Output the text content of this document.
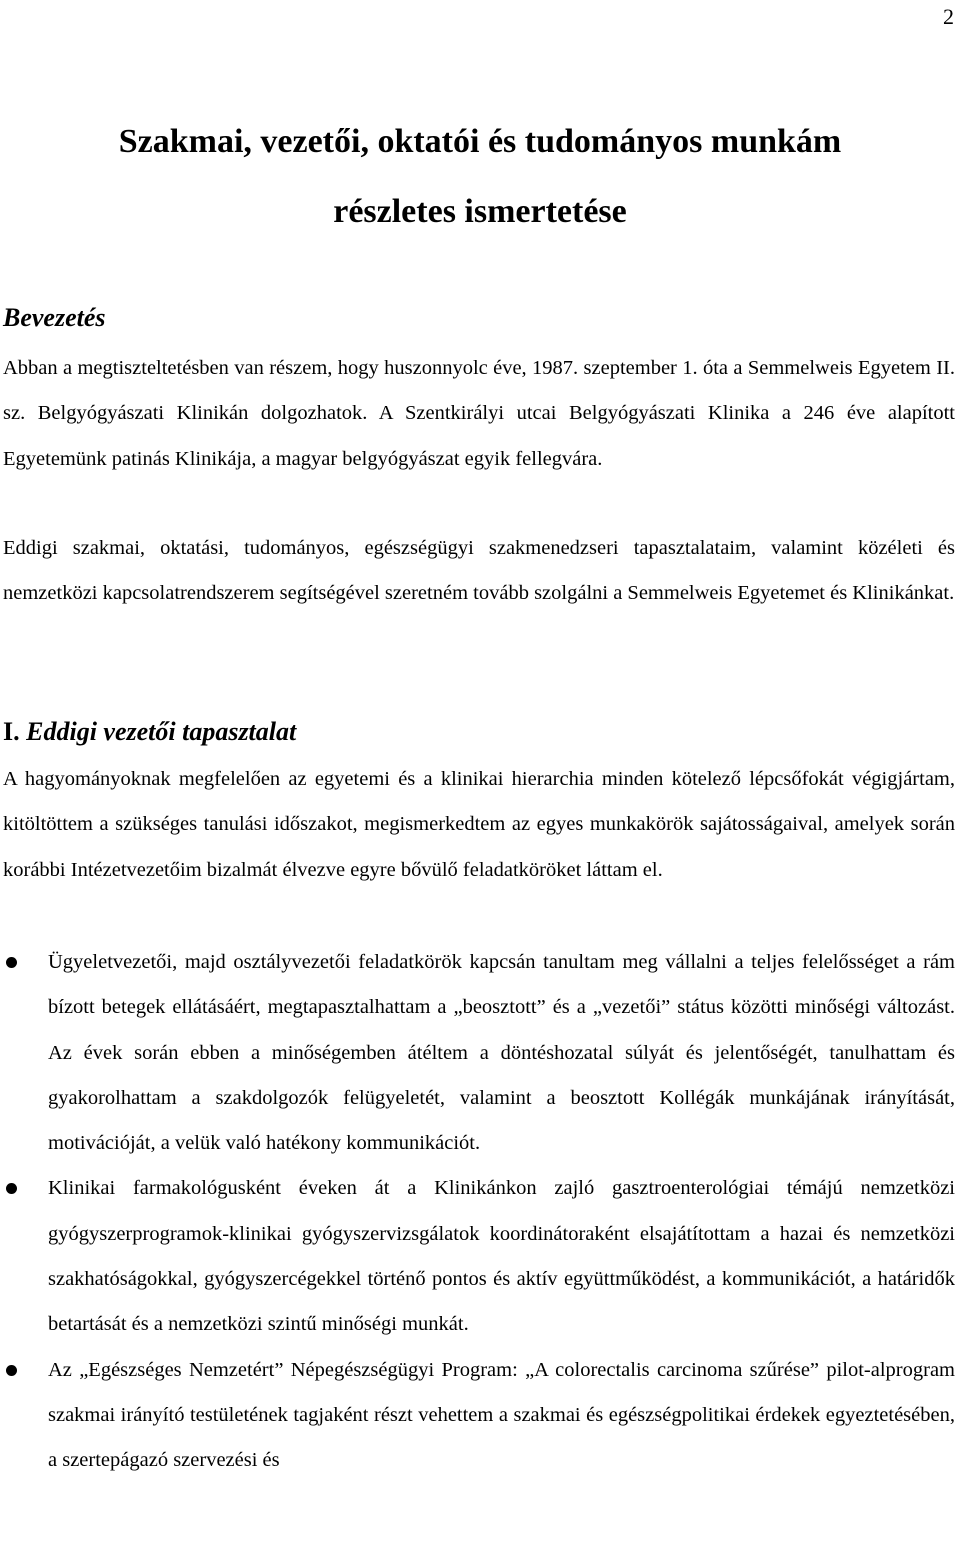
2
Szakmai, vezetői, oktatói és tudományos munkám
részletes ismertetése
Bevezetés

Abban a megtiszteltetésben van részem, hogy huszonnyolc éve, 1987. szeptember 1. óta a Semmelweis Egyetem II. sz. Belgyógyászati Klinikán dolgozhatok. A Szentkirályi utcai Belgyógyászati Klinika a 246 éve alapított Egyetemünk patinás Klinikája, a magyar belgyógyászat egyik fellegvára.

Eddigi szakmai, oktatási, tudományos, egészségügyi szakmenedzseri tapasztalataim, valamint közéleti és nemzetközi kapcsolatrendszerem segítségével szeretném tovább szolgálni a Semmelweis Egyetemet és Klinikánkat.

I. Eddigi vezetői tapasztalat

A hagyományoknak megfelelően az egyetemi és a klinikai hierarchia minden kötelező lépcsőfokát végigjártam, kitöltöttem a szükséges tanulási időszakot, megismerkedtem az egyes munkakörök sajátosságaival, amelyek során korábbi Intézetvezetőim bizalmát élvezve egyre bővülő feladatköröket láttam el.

Ügyeletvezetői, majd osztályvezetői feladatkörök kapcsán tanultam meg vállalni a teljes felelősséget a rám bízott betegek ellátásáért, megtapasztalhattam a „beosztott” és a „vezetői” státus közötti minőségi változást. Az évek során ebben a minőségemben átéltem a döntéshozatal súlyát és jelentőségét, tanulhattam és gyakorolhattam a szakdolgozók felügyeletét, valamint a beosztott Kollégák munkájának irányítását, motivációját, a velük való hatékony kommunikációt.
Klinikai farmakológusként éveken át a Klinikánkon zajló gasztroenterológiai témájú nemzetközi gyógyszerprogramok-klinikai gyógyszervizsgálatok koordinátoraként elsajátítottam a hazai és nemzetközi szakhatóságokkal, gyógyszercégekkel történő pontos és aktív együttműködést, a kommunikációt, a határidők betartását és a nemzetközi szintű minőségi munkát.
Az „Egészséges Nemzetért” Népegészségügyi Program: „A colorectalis carcinoma szűrése” pilot-alprogram szakmai irányító testületének tagjaként részt vehettem a szakmai és egészségpolitikai érdekek egyeztetésében, a szertерágazó szervezési és
